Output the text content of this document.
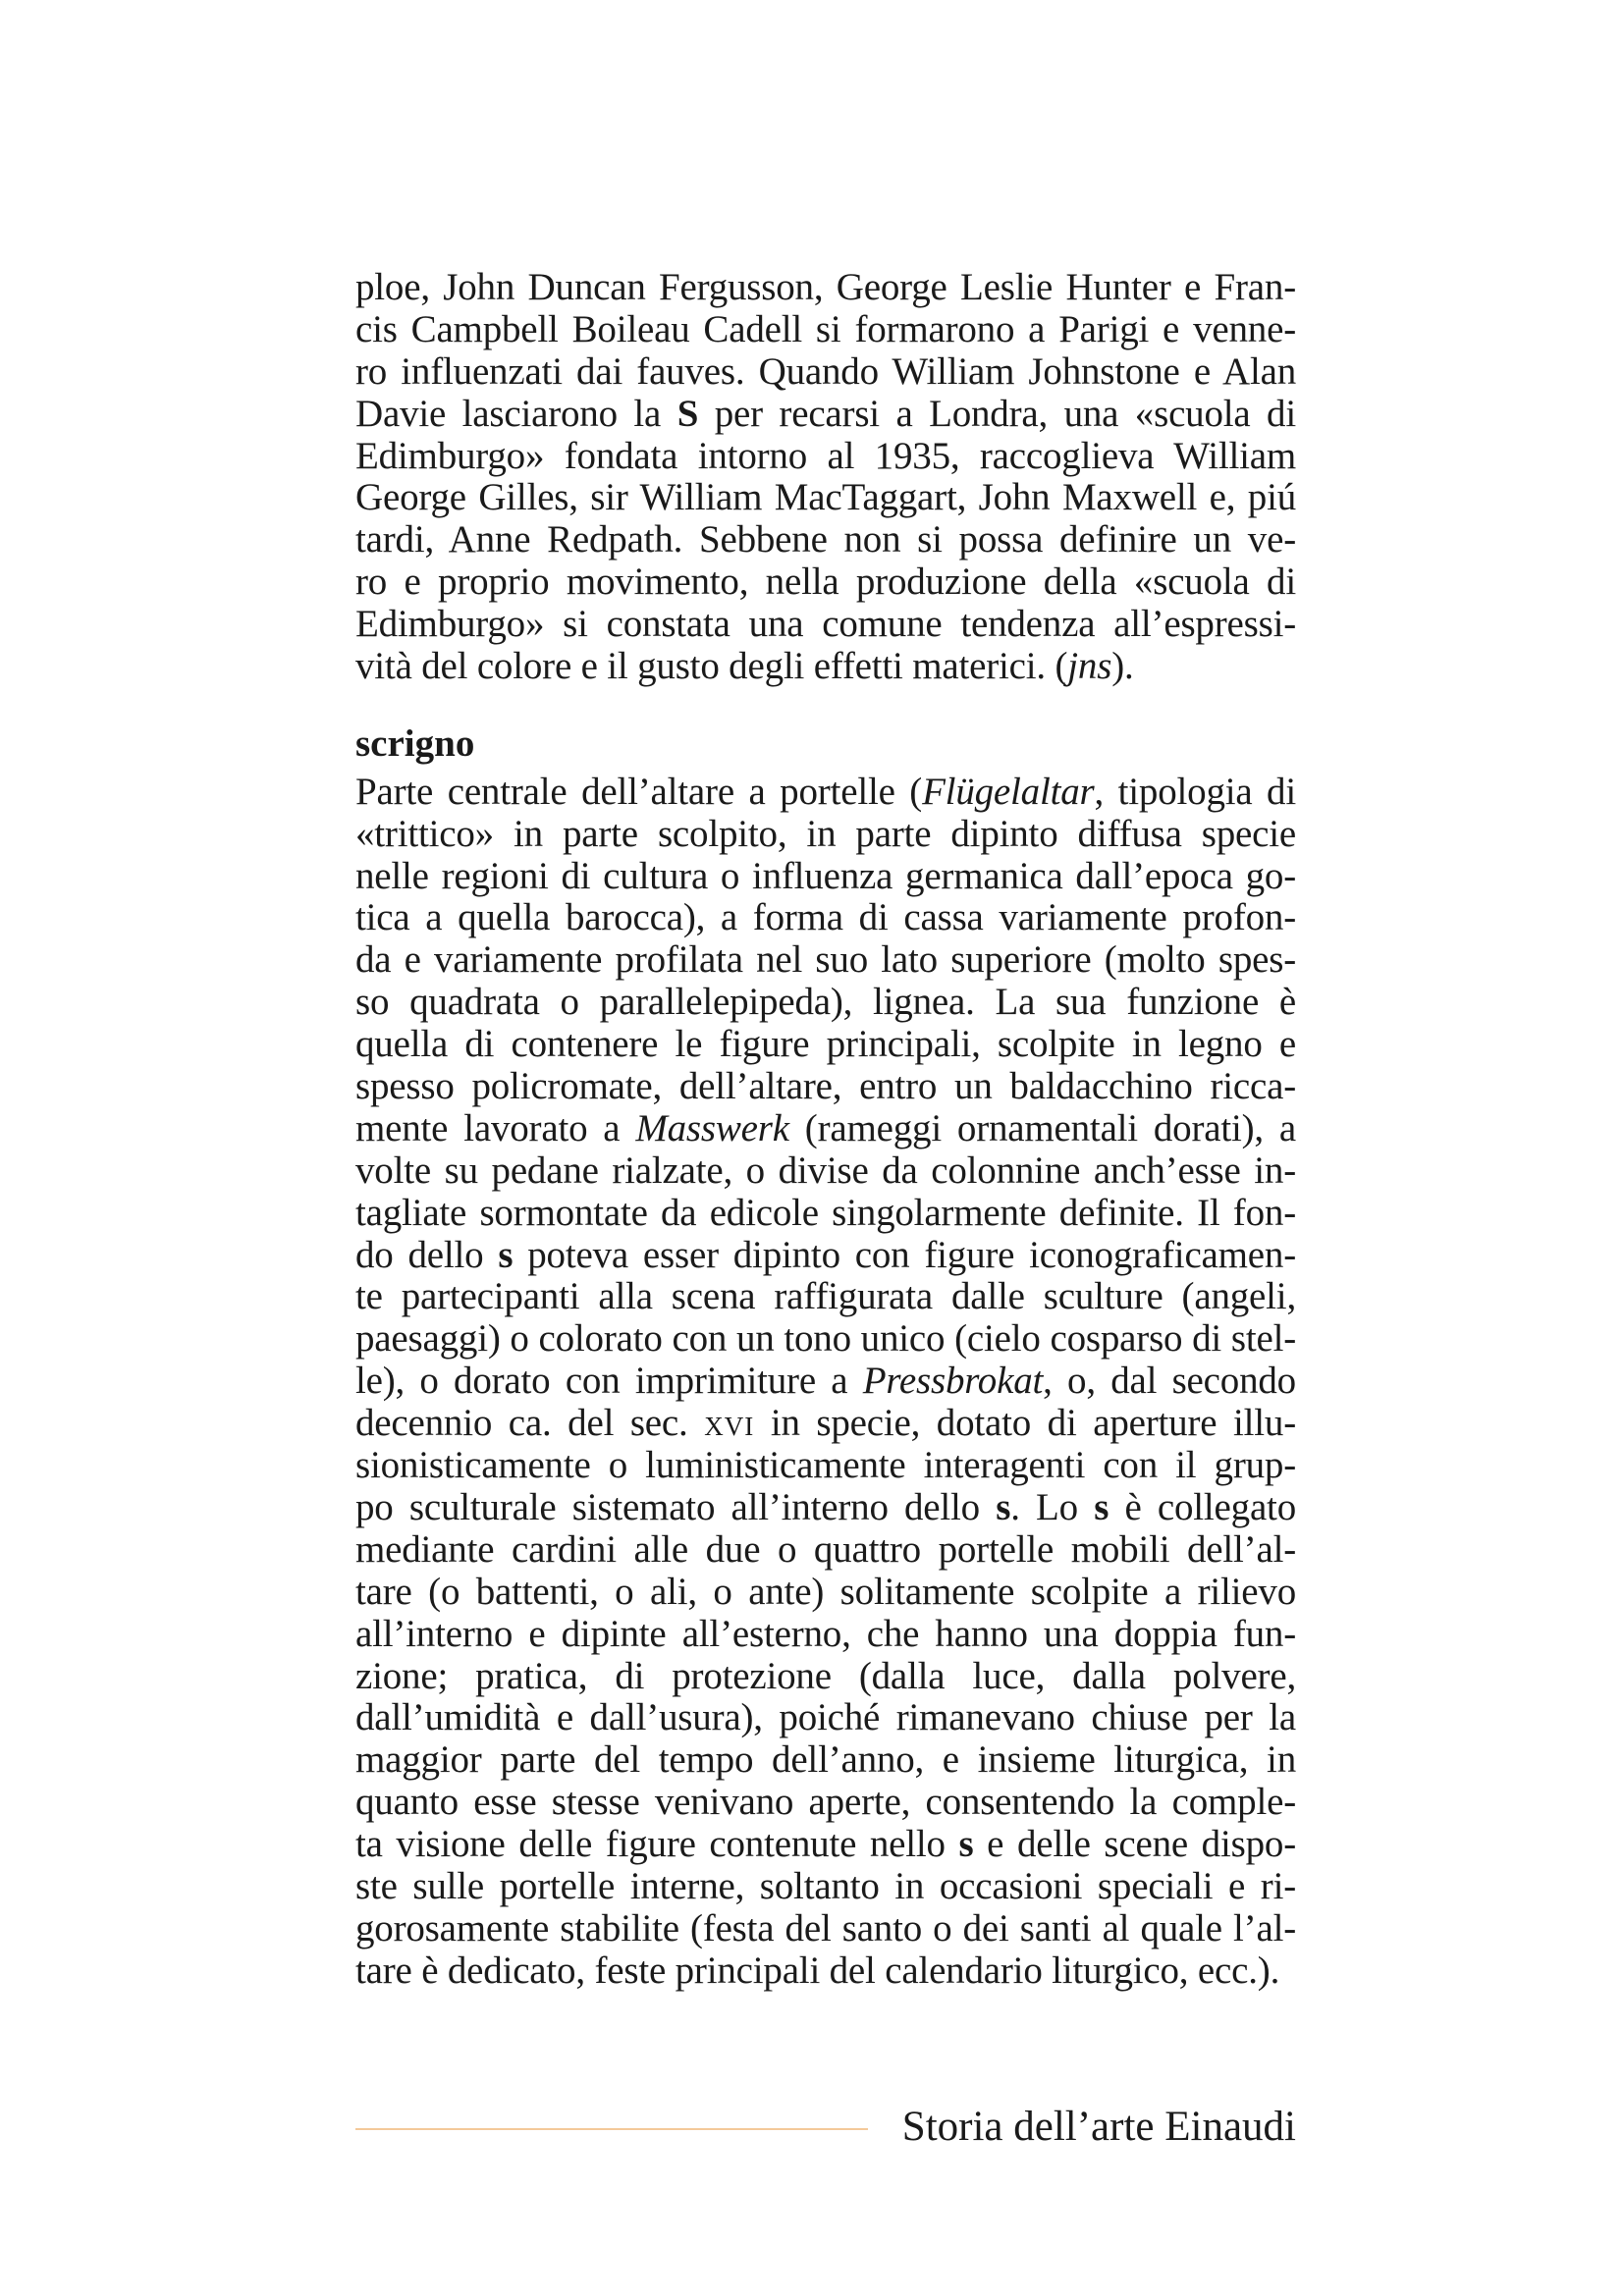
ploe, John Duncan Fergusson, George Leslie Hunter e Fran-
cis Campbell Boileau Cadell si formarono a Parigi e venne-
ro influenzati dai fauves. Quando William Johnstone e Alan
Davie lasciarono la S per recarsi a Londra, una «scuola di
Edimburgo» fondata intorno al 1935, raccoglieva William
George Gilles, sir William MacTaggart, John Maxwell e, piú
tardi, Anne Redpath. Sebbene non si possa definire un ve-
ro e proprio movimento, nella produzione della «scuola di
Edimburgo» si constata una comune tendenza all’espressi-
vità del colore e il gusto degli effetti materici. (jns).
scrigno
Parte centrale dell’altare a portelle (Flügelaltar, tipologia di
«trittico» in parte scolpito, in parte dipinto diffusa specie
nelle regioni di cultura o influenza germanica dall’epoca go-
tica a quella barocca), a forma di cassa variamente profon-
da e variamente profilata nel suo lato superiore (molto spes-
so quadrata o parallelepipeda), lignea. La sua funzione è
quella di contenere le figure principali, scolpite in legno e
spesso policromate, dell’altare, entro un baldacchino ricca-
mente lavorato a Masswerk (rameggi ornamentali dorati), a
volte su pedane rialzate, o divise da colonnine anch’esse in-
tagliate sormontate da edicole singolarmente definite. Il fon-
do dello s poteva esser dipinto con figure iconograficamen-
te partecipanti alla scena raffigurata dalle sculture (angeli,
paesaggi) o colorato con un tono unico (cielo cosparso di stel-
le), o dorato con imprimiture a Pressbrokat, o, dal secondo
decennio ca. del sec. xvi in specie, dotato di aperture illu-
sionisticamente o luministicamente interagenti con il grup-
po sculturale sistemato all’interno dello s. Lo s è collegato
mediante cardini alle due o quattro portelle mobili dell’al-
tare (o battenti, o ali, o ante) solitamente scolpite a rilievo
all’interno e dipinte all’esterno, che hanno una doppia fun-
zione; pratica, di protezione (dalla luce, dalla polvere,
dall’umidità e dall’usura), poiché rimanevano chiuse per la
maggior parte del tempo dell’anno, e insieme liturgica, in
quanto esse stesse venivano aperte, consentendo la comple-
ta visione delle figure contenute nello s e delle scene dispo-
ste sulle portelle interne, soltanto in occasioni speciali e ri-
gorosamente stabilite (festa del santo o dei santi al quale l’al-
tare è dedicato, feste principali del calendario liturgico, ecc.).
Storia dell’arte Einaudi
